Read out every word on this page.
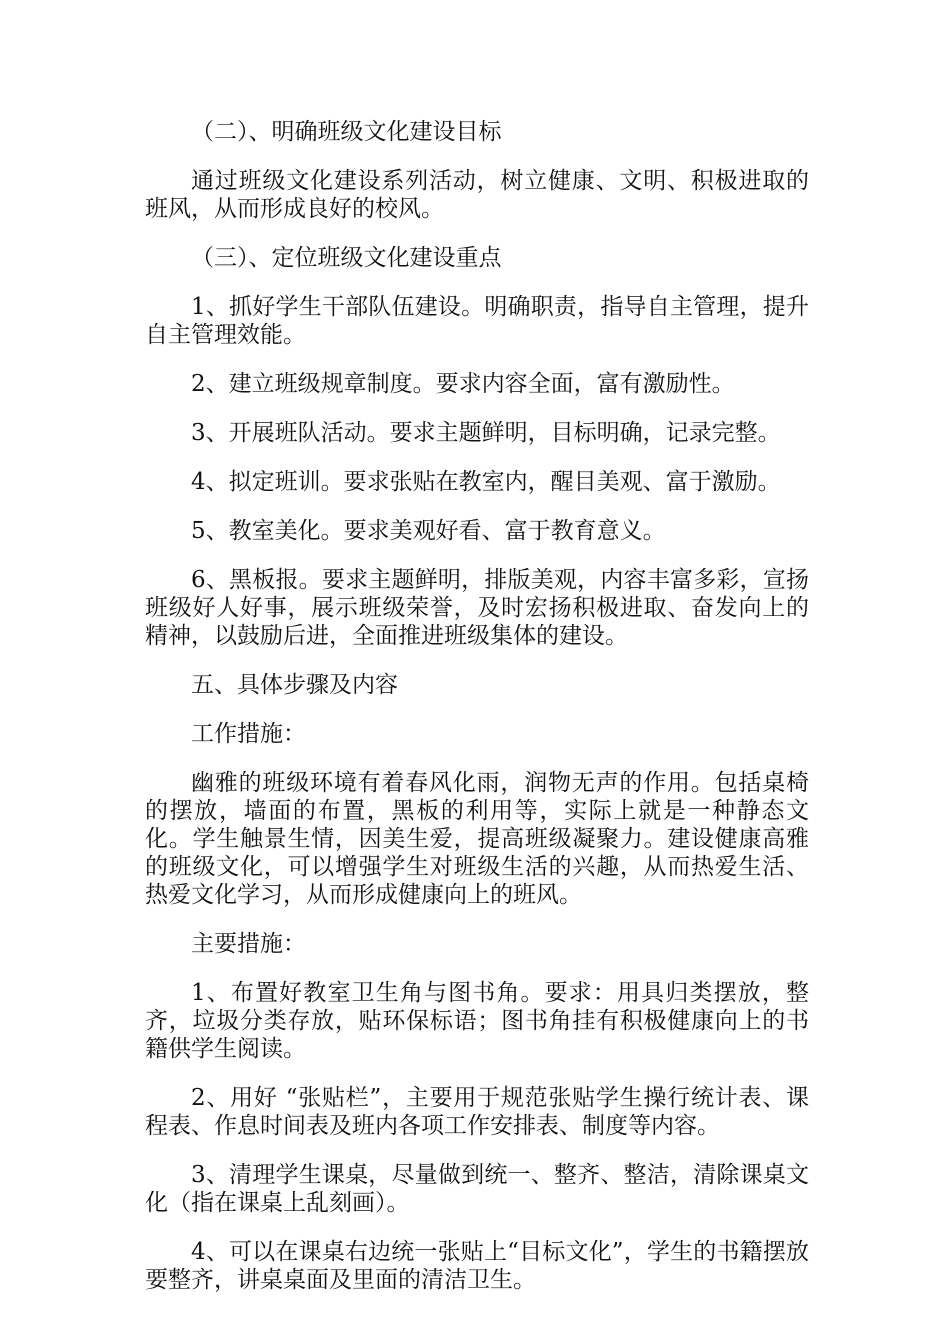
（二）、明确班级文化建设目标

通过班级文化建设系列活动，树立健康、文明、积极进取的班风，从而形成良好的校风。

（三）、定位班级文化建设重点

1、抓好学生干部队伍建设。明确职责，指导自主管理，提升自主管理效能。

2、建立班级规章制度。要求内容全面，富有激励性。

3、开展班队活动。要求主题鲜明，目标明确，记录完整。

4、拟定班训。要求张贴在教室内，醒目美观、富于激励。

5、教室美化。要求美观好看、富于教育意义。

6、黑板报。要求主题鲜明，排版美观，内容丰富多彩，宣扬班级好人好事，展示班级荣誉，及时宏扬积极进取、奋发向上的精神，以鼓励后进，全面推进班级集体的建设。

五、具体步骤及内容

工作措施：

幽雅的班级环境有着春风化雨，润物无声的作用。包括桌椅的摆放，墙面的布置，黑板的利用等，实际上就是一种静态文化。学生触景生情，因美生爱，提高班级凝聚力。建设健康高雅的班级文化，可以增强学生对班级生活的兴趣，从而热爱生活、热爱文化学习，从而形成健康向上的班风。

主要措施：

1、布置好教室卫生角与图书角。要求：用具归类摆放，整齐，垃圾分类存放，贴环保标语；图书角挂有积极健康向上的书籍供学生阅读。

2、用好 “张贴栏”，主要用于规范张贴学生操行统计表、课程表、作息时间表及班内各项工作安排表、制度等内容。

3、清理学生课桌，尽量做到统一、整齐、整洁，清除课桌文化（指在课桌上乱刻画）。

4、可以在课桌右边统一张贴上“目标文化”，学生的书籍摆放要整齐，讲桌桌面及里面的清洁卫生。
